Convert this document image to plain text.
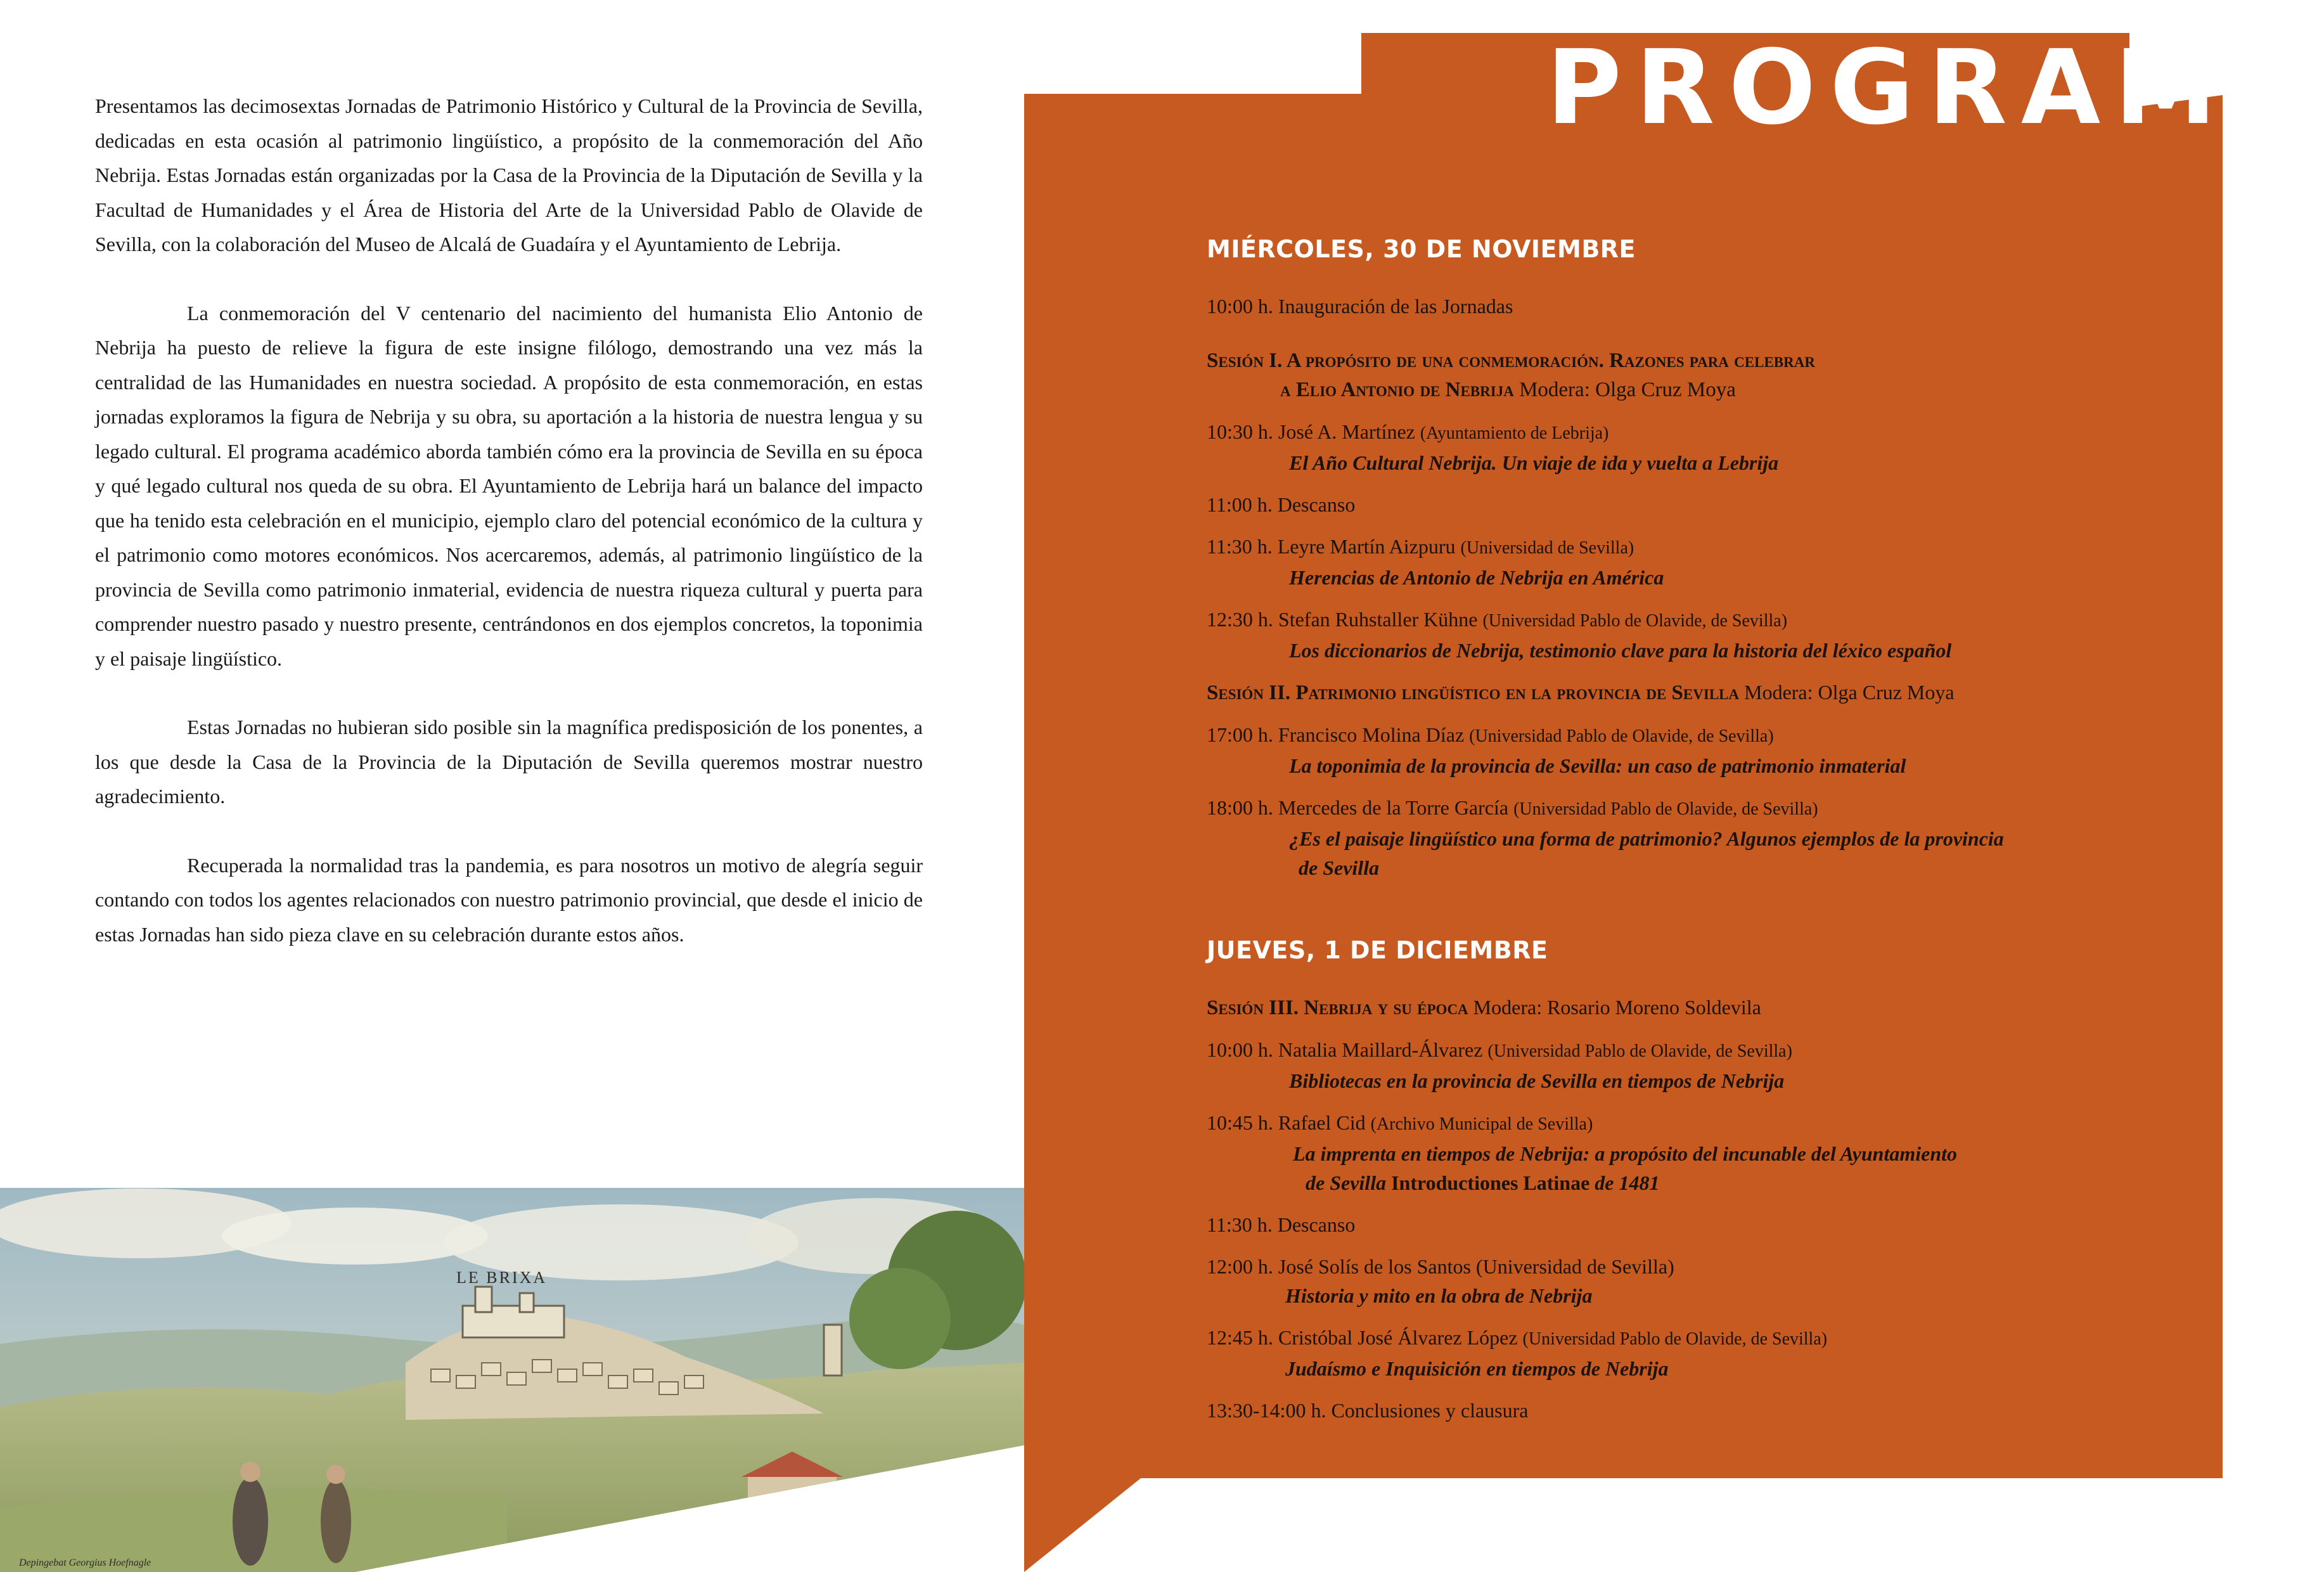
LE BRIXA
Depingebat Georgius Hoefnagle

Presentamos las decimosextas Jornadas de Patrimonio Histórico y Cultural de la Provincia de Sevilla, dedicadas en esta ocasión al patrimonio lingüístico, a propósito de la conmemoración del Año Nebrija. Estas Jornadas están organizadas por la Casa de la Provincia de la Diputación de Sevilla y la Facultad de Humanidades y el Área de Historia del Arte de la Universidad Pablo de Olavide de Sevilla, con la colaboración del Museo de Alcalá de Guadaíra y el Ayuntamiento de Lebrija.

La conmemoración del V centenario del nacimiento del humanista Elio Antonio de Nebrija ha puesto de relieve la figura de este insigne filólogo, demostrando una vez más la centralidad de las Humanidades en nuestra sociedad. A propósito de esta conmemoración, en estas jornadas exploramos la figura de Nebrija y su obra, su aportación a la historia de nuestra lengua y su legado cultural. El programa académico aborda también cómo era la provincia de Sevilla en su época y qué legado cultural nos queda de su obra. El Ayuntamiento de Lebrija hará un balance del impacto que ha tenido esta celebración en el municipio, ejemplo claro del potencial económico de la cultura y el patrimonio como motores económicos. Nos acercaremos, además, al patrimonio lingüístico de la provincia de Sevilla como patrimonio inmaterial, evidencia de nuestra riqueza cultural y puerta para comprender nuestro pasado y nuestro presente, centrándonos en dos ejemplos concretos, la toponimia y el paisaje lingüístico.

Estas Jornadas no hubieran sido posible sin la magnífica predisposición de los ponentes, a los que desde la Casa de la Provincia de la Diputación de Sevilla queremos mostrar nuestro agradecimiento.

Recuperada la normalidad tras la pandemia, es para nosotros un motivo de alegría seguir contando con todos los agentes relacionados con nuestro patrimonio provincial, que desde el inicio de estas Jornadas han sido pieza clave en su celebración durante estos años.

PROGRAMA

MIÉRCOLES, 30 DE NOVIEMBRE

10:00 h. Inauguración de las Jornadas

Sesión I. A propósito de una conmemoración. Razones para celebrar

a Elio Antonio de Nebrija Modera: Olga Cruz Moya

10:30 h. José A. Martínez (Ayuntamiento de Lebrija)

El Año Cultural Nebrija. Un viaje de ida y vuelta a Lebrija

11:00 h. Descanso

11:30 h. Leyre Martín Aizpuru (Universidad de Sevilla)

Herencias de Antonio de Nebrija en América

12:30 h. Stefan Ruhstaller Kühne (Universidad Pablo de Olavide, de Sevilla)

Los diccionarios de Nebrija, testimonio clave para la historia del léxico español

Sesión II. Patrimonio lingüístico en la provincia de Sevilla Modera: Olga Cruz Moya

17:00 h. Francisco Molina Díaz (Universidad Pablo de Olavide, de Sevilla)

La toponimia de la provincia de Sevilla: un caso de patrimonio inmaterial

18:00 h. Mercedes de la Torre García (Universidad Pablo de Olavide, de Sevilla)

¿Es el paisaje lingüístico una forma de patrimonio? Algunos ejemplos de la provincia

de Sevilla

JUEVES, 1 DE DICIEMBRE

Sesión III. Nebrija y su época Modera: Rosario Moreno Soldevila

10:00 h. Natalia Maillard-Álvarez (Universidad Pablo de Olavide, de Sevilla)

Bibliotecas en la provincia de Sevilla en tiempos de Nebrija

10:45 h. Rafael Cid (Archivo Municipal de Sevilla)

La imprenta en tiempos de Nebrija: a propósito del incunable del Ayuntamiento

de Sevilla Introductiones Latinae de 1481

11:30 h. Descanso

12:00 h. José Solís de los Santos (Universidad de Sevilla)

Historia y mito en la obra de Nebrija

12:45 h. Cristóbal José Álvarez López (Universidad Pablo de Olavide, de Sevilla)

Judaísmo e Inquisición en tiempos de Nebrija

13:30-14:00 h. Conclusiones y clausura
